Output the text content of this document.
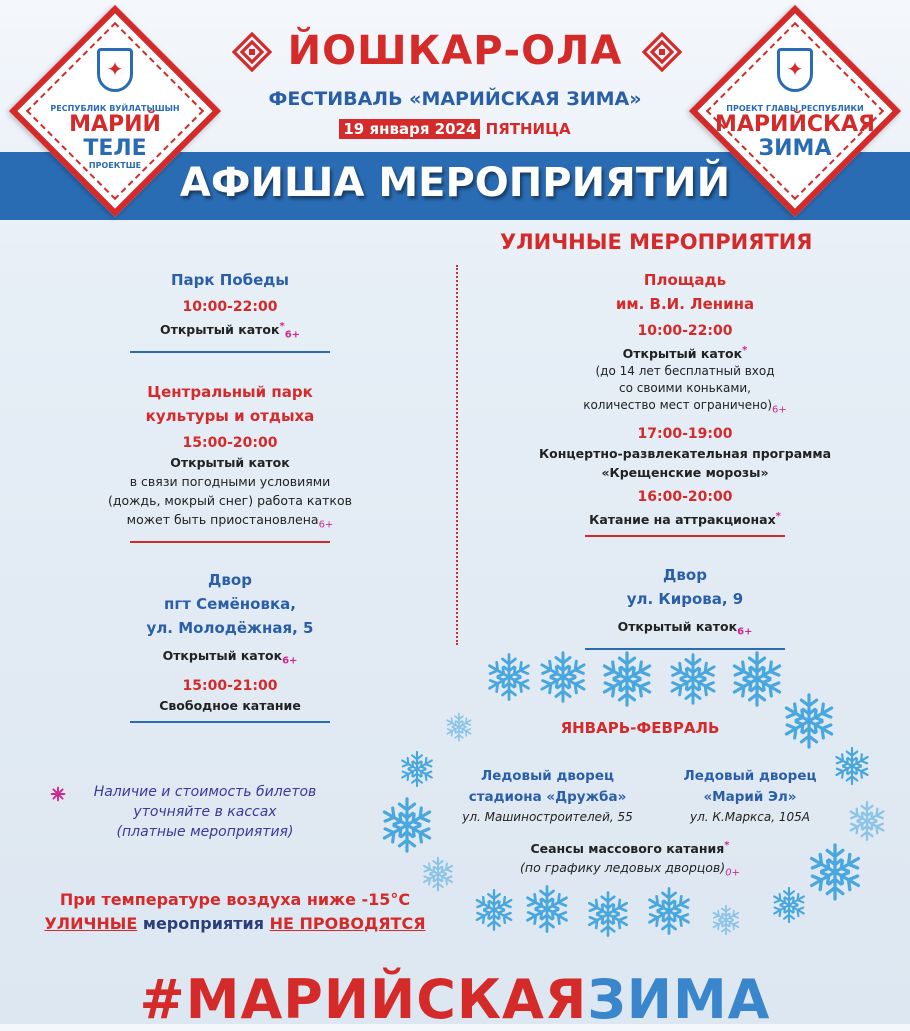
АФИША МЕРОПРИЯТИЙ
ЙОШКАР-ОЛА
ФЕСТИВАЛЬ «МАРИЙСКАЯ ЗИМА»
19 января 2024 ПЯТНИЦА
✦
РЕСПУБЛИК ВУЙЛАТЫШЫН
МАРИЙ
ТЕЛЕ
ПРОЕКТШЕ
✦
ПРОЕКТ ГЛАВЫ РЕСПУБЛИКИ
МАРИЙСКАЯ
ЗИМА
УЛИЧНЫЕ МЕРОПРИЯТИЯ
Парк Победы
10:00-22:00
Открытый каток*$_{6+}$
Центральный парк
культуры и отдыха
15:00-20:00
Открытый каток
в связи погодными условиями
(дождь, мокрый снег) работа катков
может быть приостановлена$_{6+}$
Двор
пгт Семёновка,
ул. Молодёжная, 5
Открытый каток$_{6+}$
15:00-21:00
Свободное катание
Площадь
им. В.И. Ленина
10:00-22:00
Открытый каток*
(до 14 лет бесплатный вход
со своими коньками,
количество мест $ограничено)_{6+}$
17:00-19:00
Концертно-развлекательная программа
«Крещенские морозы»
16:00-20:00
Катание на аттракционах*
Двор
ул. Кирова, 9
Открытый каток$_{6+}$
ЯНВАРЬ-ФЕВРАЛЬ
Ледовый дворец
стадиона «Дружба»
ул. Машиностроителей, 55
Ледовый дворец
«Марий Эл»
ул. К.Маркса, 105А
Сеансы массового катания*
(по графику ледовых $дворцов)_{0+}$
Наличие и стоимость билетов
уточняйте в кассах
(платные мероприятия)
При температуре воздуха ниже -15°С
УЛИЧНЫЕ мероприятия НЕ ПРОВОДЯТСЯ
#МАРИЙСКАЯЗИМА
